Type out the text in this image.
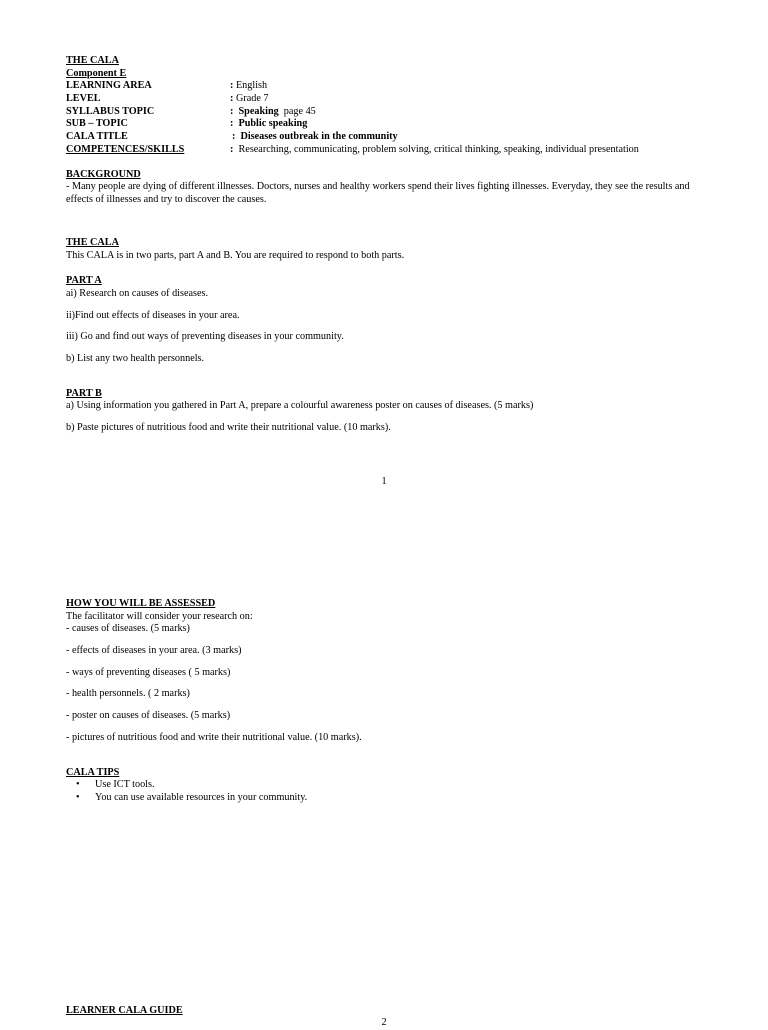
THE CALA
Component E
LEARNING AREA	: English
LEVEL	: Grade 7
SYLLABUS TOPIC	: Speaking page 45
SUB – TOPIC	: Public speaking
CALA TITLE	: Diseases outbreak in the community
COMPETENCES/SKILLS	: Researching, communicating, problem solving, critical thinking, speaking, individual presentation
BACKGROUND
- Many people are dying of different illnesses. Doctors, nurses and healthy workers spend their lives fighting illnesses. Everyday, they see the results and effects of illnesses and try to discover the causes.
THE CALA
This CALA is in two parts, part A and B. You are required to respond to both parts.
PART A
ai) Research on causes of diseases.
ii)Find out effects of diseases in your area.
iii) Go and find out ways of preventing diseases in your community.
b) List any two health personnels.
PART B
a) Using information you gathered in Part A, prepare a colourful awareness poster on causes of diseases. (5 marks)
b) Paste pictures of nutritious food and write their nutritional value. (10 marks).
1
HOW YOU WILL BE ASSESSED
The facilitator will consider your research on:
- causes of diseases. (5 marks)
- effects of diseases in your area. (3 marks)
- ways of preventing diseases ( 5 marks)
- health personnels. ( 2 marks)
- poster on causes of diseases. (5 marks)
- pictures of nutritious food and write their nutritional value. (10 marks).
CALA TIPS
• Use ICT tools.
• You can use available resources in your community.
LEARNER CALA GUIDE
2
